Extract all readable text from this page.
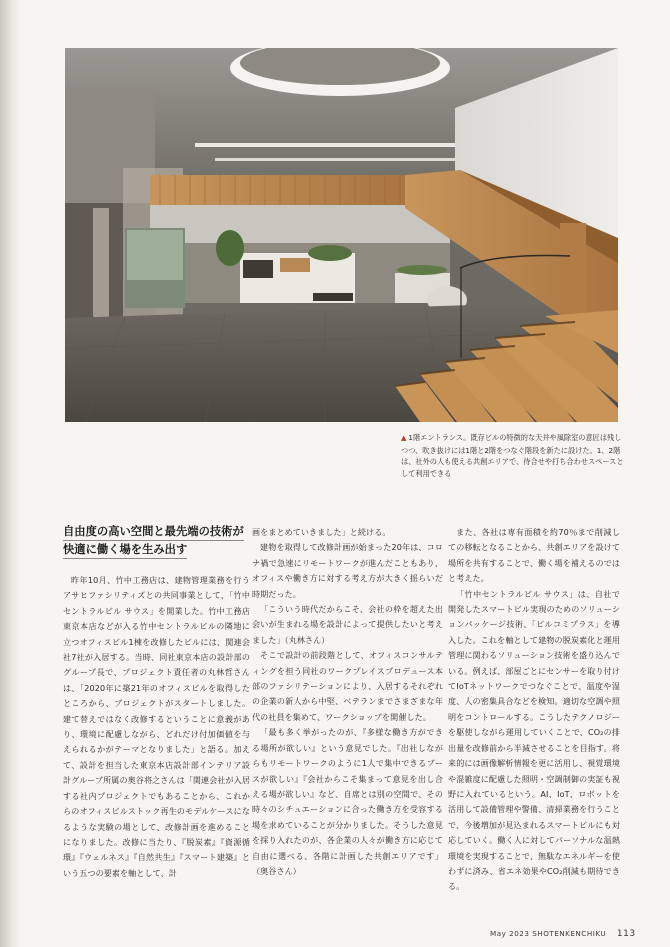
▲ 1階エントランス。既存ビルの特徴的な天井や風除室の意匠は残しつつ、吹き抜けには1階と2階をつなぐ階段を新たに設けた。1、2階は、社外の人も使える共創エリアで、待合せや打ち合わせスペースとして利用できる
自由度の高い空間と最先端の技術が
快適に働く場を生み出す

昨年10月、竹中工務店は、建物管理業務を行うアサヒファシリティズとの共同事業として、「竹中セントラルビル サウス」を開業した。竹中工務店東京本店などが入る竹中セントラルビルの隣地に立つオフィスビル1棟を改修したビルには、関連会社7社が入居する。当時、同社東京本店の設計部のグループ長で、プロジェクト責任者の丸林哲さんは、「2020年に築21年のオフィスビルを取得したところから、プロジェクトがスタートしました。建て替えではなく改修するということに意義があり、環境に配慮しながら、どれだけ付加価値を与えられるかがテーマとなりました」と語る。加えて、設計を担当した東京本店設計部インテリア設計グループ所属の奥谷将之さんは「関連会社が入居する社内プロジェクトでもあることから、これからのオフィスビルストック再生のモデルケースになるような実験の場として、改修計画を進めることになりました。改修に当たり、『脱炭素』『資源循環』『ウェルネス』『自然共生』『スマート建築』という五つの要素を軸として、計

画をまとめていきました」と続ける。

建物を取得して改修計画が始まった20年は、コロナ禍で急速にリモートワークが進んだこともあり、オフィスや働き方に対する考え方が大きく揺らいだ時期だった。

「こういう時代だからこそ、会社の枠を超えた出会いが生まれる場を設計によって提供したいと考えました」（丸林さん）

そこで設計の前段階として、オフィスコンサルティングを担う同社のワークプレイスプロデュース本部のファシリテーションにより、入居するそれぞれの企業の新人から中堅、ベテランまでさまざまな年代の社員を集めて、ワークショップを開催した。

「最も多く挙がったのが、『多様な働き方ができる場所が欲しい』という意見でした。『出社しながらもリモートワークのように1人で集中できるブースが欲しい』『会社からこそ集まって意見を出し合える場が欲しい』など、自席とは別の空間で、その時々のシチュエーションに合った働き方を受容する場を求めていることが分かりました。そうした意見を採り入れたのが、各企業の人々が働き方に応じて自由に選べる、各階に計画した共創エリアです」（奥谷さん）

また、各社は専有面積を約70％まで削減しての移転となることから、共創エリアを設けて場所を共有することで、働く場を補えるのではと考えた。

「竹中セントラルビル サウス」は、自社で開発したスマートビル実現のためのソリューションパッケージ技術、「ビルコミプラス」を導入した。これを軸として建物の脱炭素化と運用管理に関わるソリューション技術を盛り込んでいる。例えば、部屋ごとにセンサーを取り付けてIoTネットワークでつなぐことで、温度や湿度、人の密集具合などを検知。適切な空調や照明をコントロールする。こうしたテクノロジーを駆使しながら運用していくことで、CO₂の排出量を改修前から半減させることを目指す。将来的には画像解析情報を更に活用し、視覚環境や混雑度に配慮した照明・空調制御の実証も視野に入れているという。AI、IoT、ロボットを活用して設備管理や警備、清掃業務を行うことで、今後増加が見込まれるスマートビルにも対応していく。働く人に対してパーソナルな温熱環境を実現することで、無駄なエネルギーを使わずに済み、省エネ効果やCO₂削減も期待できる。

May 2023 SHOTENKENCHIKU 113
